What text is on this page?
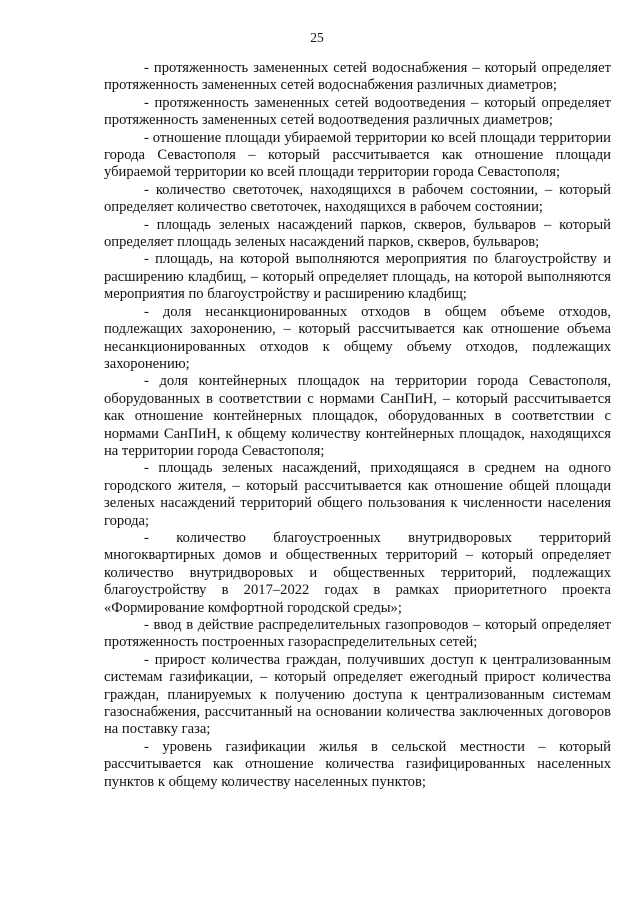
25

- протяженность замененных сетей водоснабжения – который определяет протяженность замененных сетей водоснабжения различных диаметров;

- протяженность замененных сетей водоотведения – который определяет протяженность замененных сетей водоотведения различных диаметров;

- отношение площади убираемой территории ко всей площади территории города Севастополя – который рассчитывается как отношение площади убираемой территории ко всей площади территории города Севастополя;

- количество светоточек, находящихся в рабочем состоянии, – который определяет количество светоточек, находящихся в рабочем состоянии;

- площадь зеленых насаждений парков, скверов, бульваров – который определяет площадь зеленых насаждений парков, скверов, бульваров;

- площадь, на которой выполняются мероприятия по благоустройству и расширению кладбищ, – который определяет площадь, на которой выполняются мероприятия по благоустройству и расширению кладбищ;

- доля несанкционированных отходов в общем объеме отходов, подлежащих захоронению, – который рассчитывается как отношение объема несанкционированных отходов к общему объему отходов, подлежащих захоронению;

- доля контейнерных площадок на территории города Севастополя, оборудованных в соответствии с нормами СанПиН, – который рассчитывается как отношение контейнерных площадок, оборудованных в соответствии с нормами СанПиН, к общему количеству контейнерных площадок, находящихся на территории города Севастополя;

- площадь зеленых насаждений, приходящаяся в среднем на одного городского жителя, – который рассчитывается как отношение общей площади зеленых насаждений территорий общего пользования к численности населения города;

- количество благоустроенных внутридворовых территорий многоквартирных домов и общественных территорий – который определяет количество внутридворовых и общественных территорий, подлежащих благоустройству в 2017–2022 годах в рамках приоритетного проекта «Формирование комфортной городской среды»;

- ввод в действие распределительных газопроводов – который определяет протяженность построенных газораспределительных сетей;

- прирост количества граждан, получивших доступ к централизованным системам газификации, – который определяет ежегодный прирост количества граждан, планируемых к получению доступа к централизованным системам газоснабжения, рассчитанный на основании количества заключенных договоров на поставку газа;

- уровень газификации жилья в сельской местности – который рассчитывается как отношение количества газифицированных населенных пунктов к общему количеству населенных пунктов;
